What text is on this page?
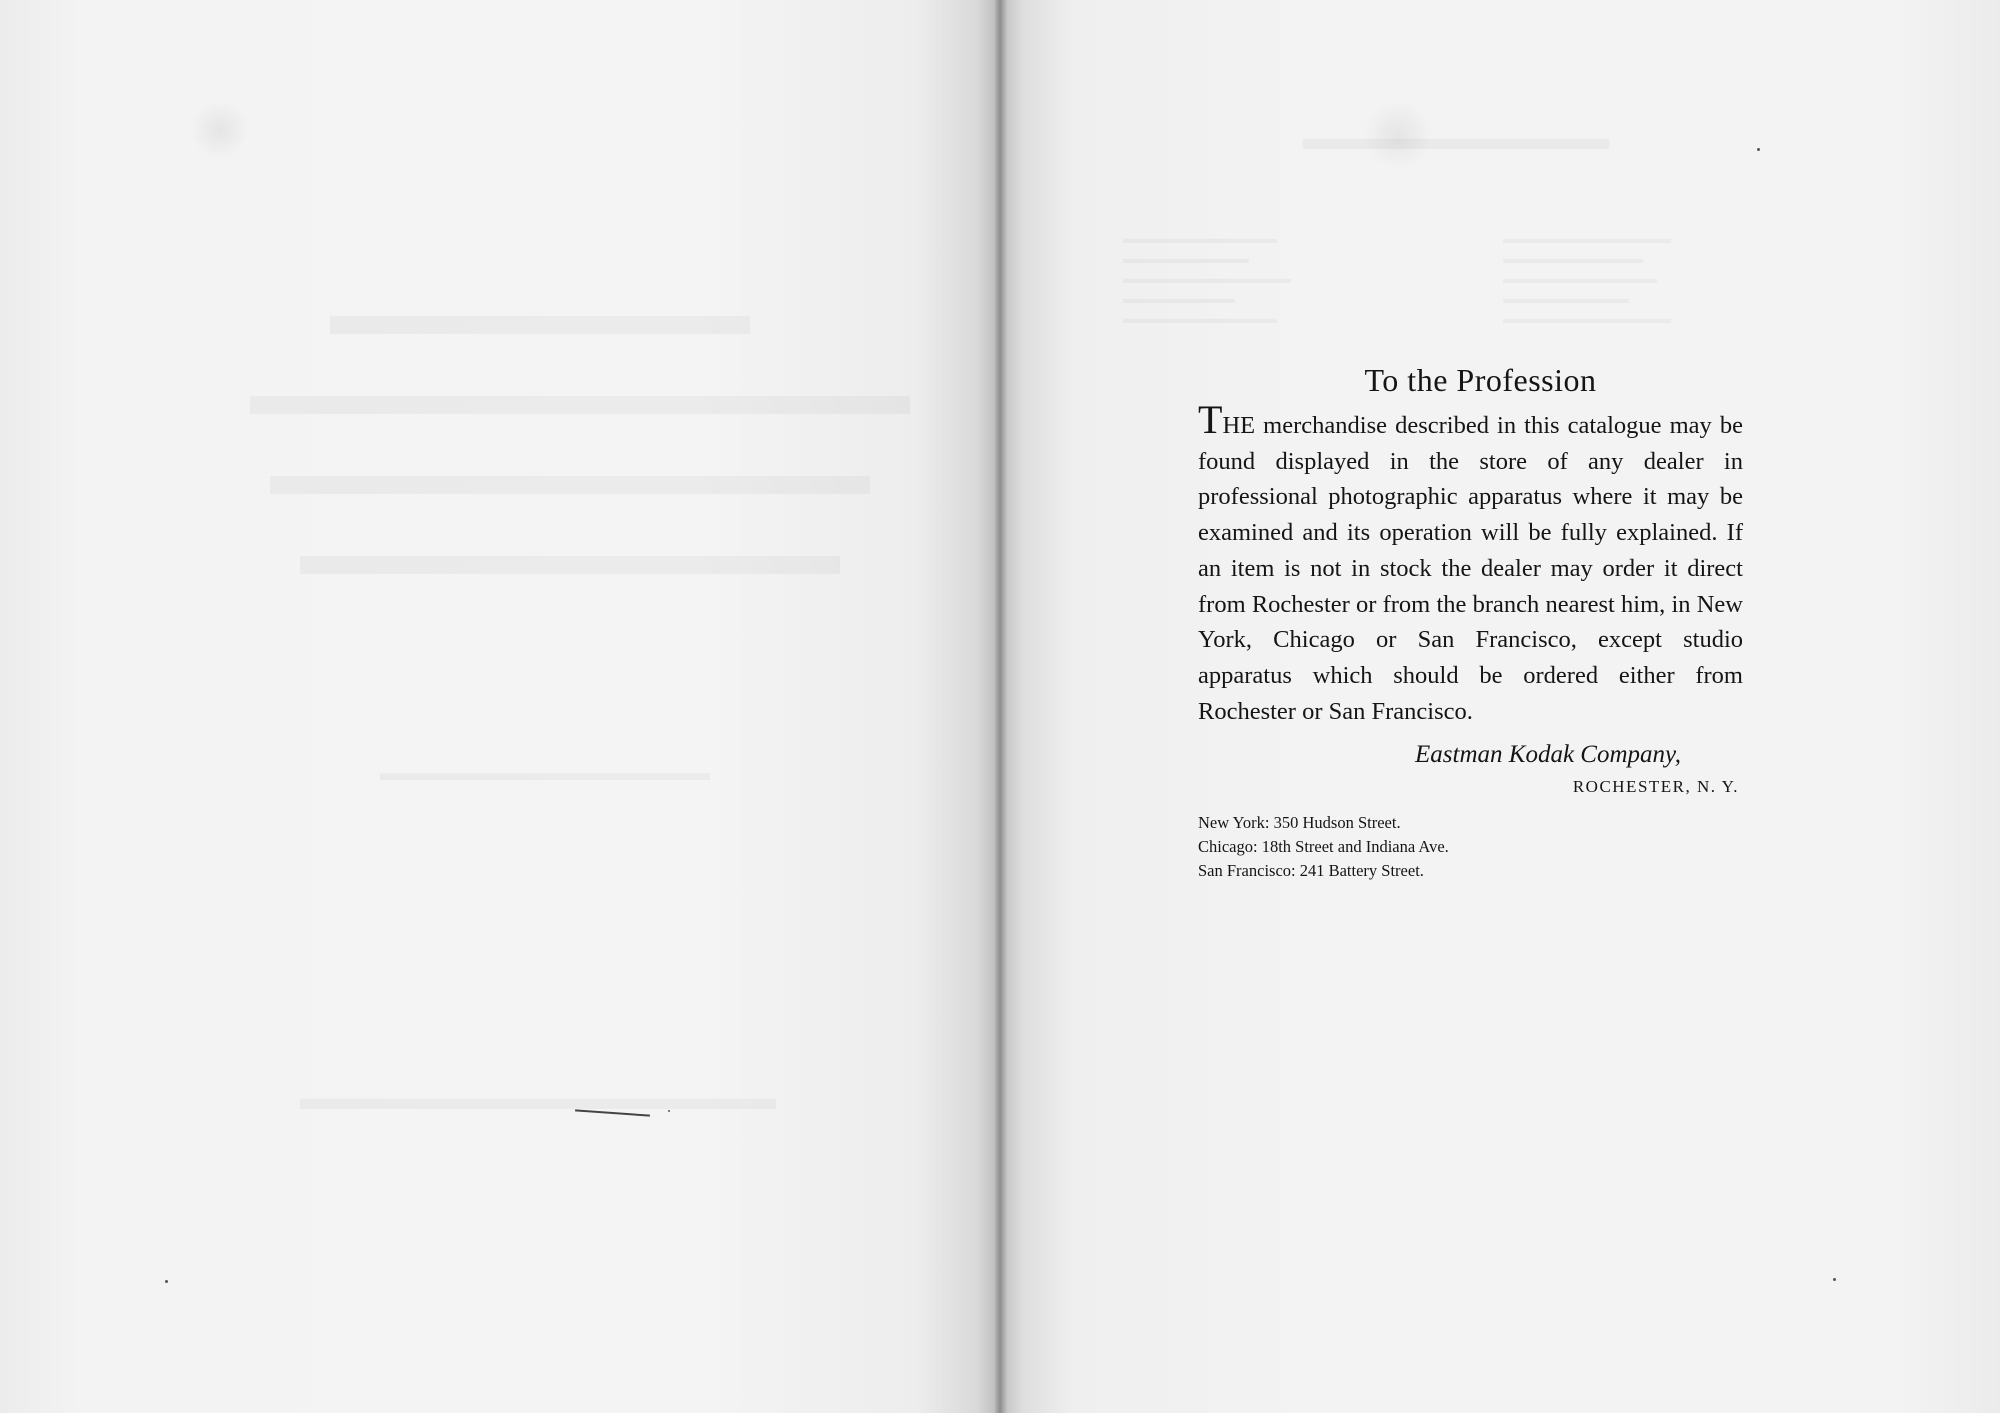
To the Profession

THE merchandise described in this catalogue may be found displayed in the store of any dealer in professional photographic apparatus where it may be examined and its operation will be fully explained. If an item is not in stock the dealer may order it direct from Rochester or from the branch nearest him, in New York, Chicago or San Francisco, except studio apparatus which should be ordered either from Rochester or San Francisco.

Eastman Kodak Company,
ROCHESTER, N. Y.
New York: 350 Hudson Street.
Chicago: 18th Street and Indiana Ave.
San Francisco: 241 Battery Street.
